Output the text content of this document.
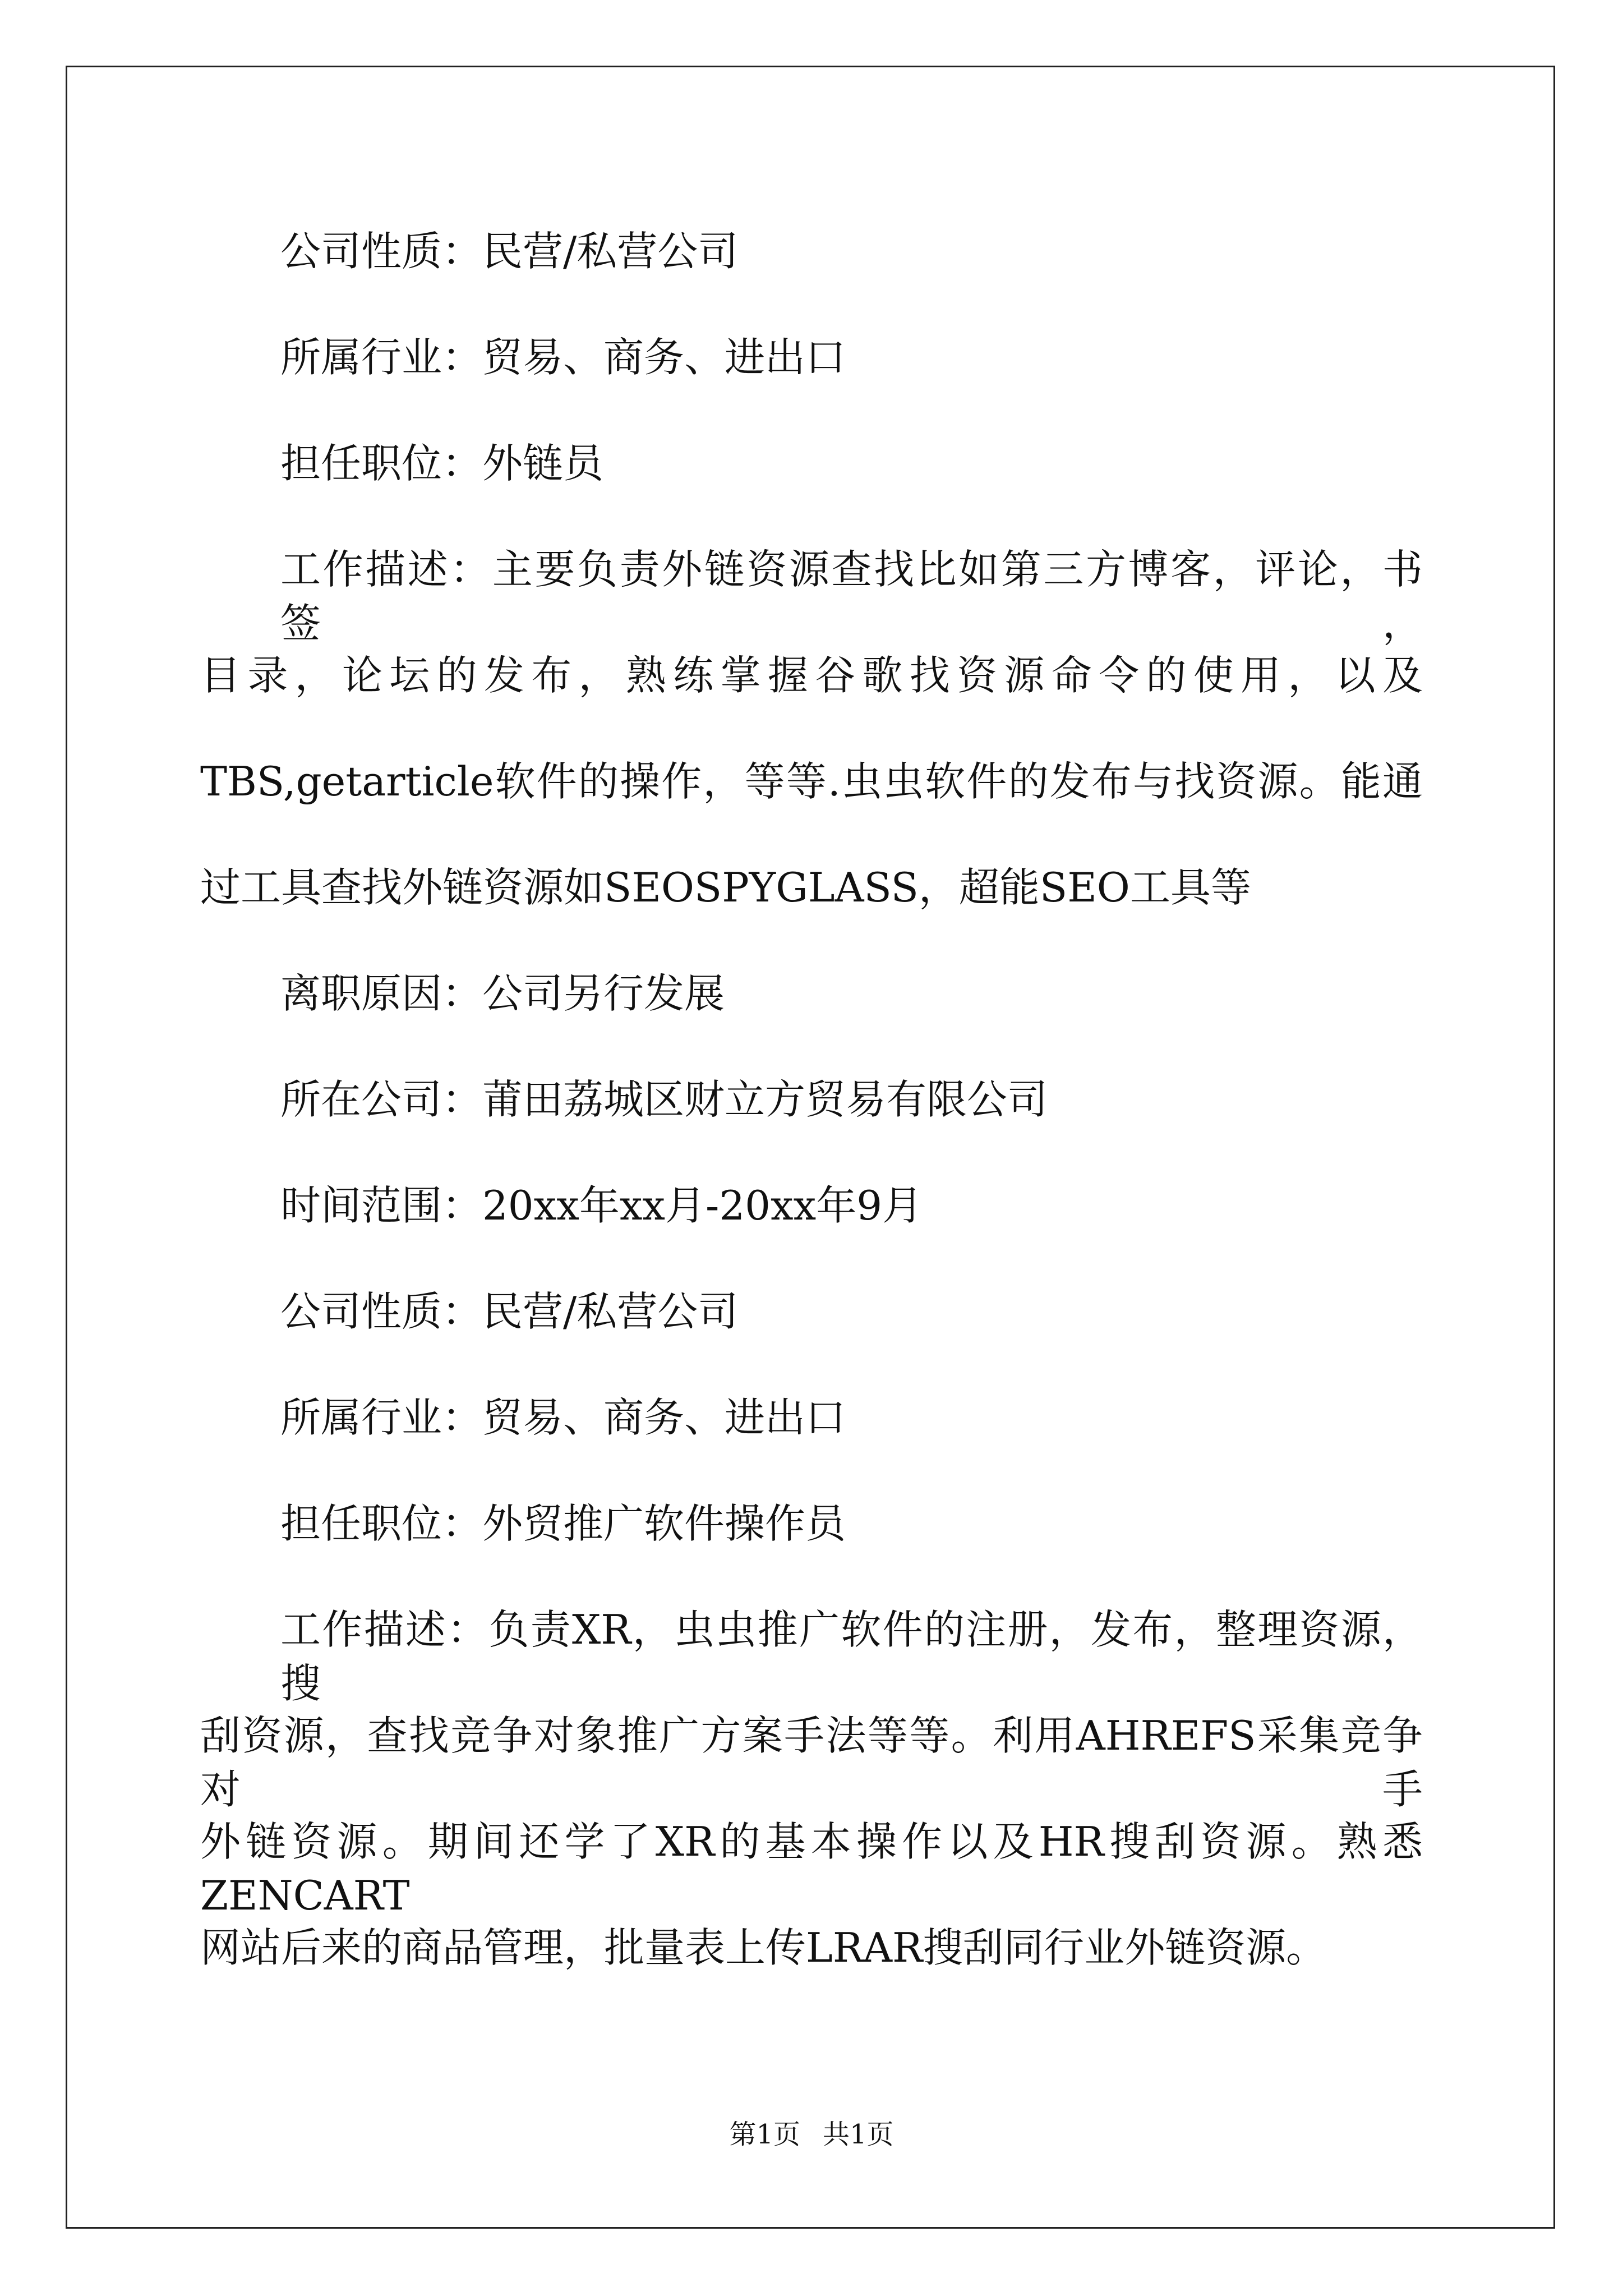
公司性质：民营/私营公司

所属行业：贸易、商务、进出口

担任职位：外链员

工作描述：主要负责外链资源查找比如第三方博客，评论，书签，

目录，论坛的发布，熟练掌握谷歌找资源命令的使用，以及

TBS,getarticle软件的操作，等等.虫虫软件的发布与找资源。能通

过工具查找外链资源如SEOSPYGLASS，超能SEO工具等

离职原因：公司另行发展

所在公司：莆田荔城区财立方贸易有限公司

时间范围：20xx年xx月-20xx年9月

公司性质：民营/私营公司

所属行业：贸易、商务、进出口

担任职位：外贸推广软件操作员

工作描述：负责XR，虫虫推广软件的注册，发布，整理资源，搜

刮资源，查找竞争对象推广方案手法等等。利用AHREFS采集竞争对手

外链资源。期间还学了XR的基本操作以及HR搜刮资源。熟悉ZENCART

网站后来的商品管理，批量表上传LRAR搜刮同行业外链资源。

第1页 共1页
